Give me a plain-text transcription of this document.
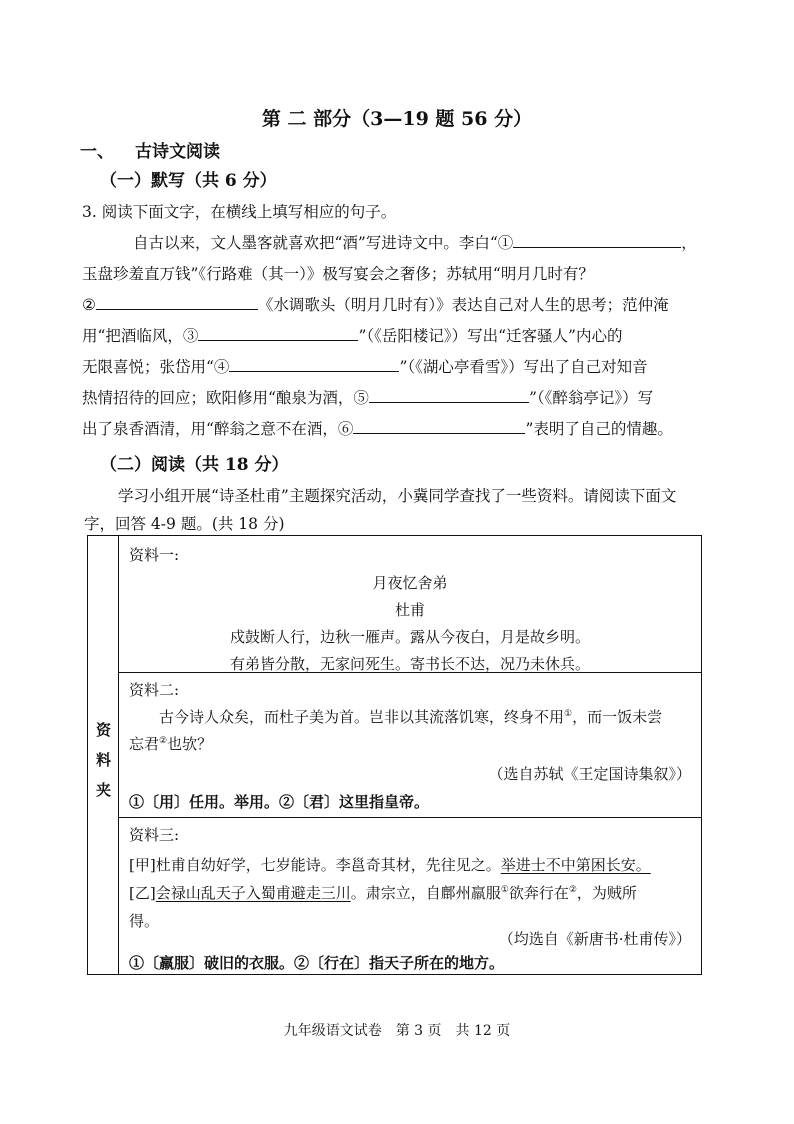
第 二 部分（3—19 题 56 分）
一、 古诗文阅读
（一）默写（共 6 分）
3. 阅读下面文字，在横线上填写相应的句子。
自古以来，文人墨客就喜欢把“酒”写进诗文中。李白“①	，
玉盘珍羞直万钱”《行路难（其一）》极写宴会之奢侈；苏轼用“明月几时有？
②	《水调歌头（明月几时有）》表达自己对人生的思考；范仲淹
用“把酒临风，③	”（《岳阳楼记》）写出“迁客骚人”内心的
无限喜悦；张岱用“④	”（《湖心亭看雪》）写出了自己对知音
热情招待的回应；欧阳修用“酿泉为酒，⑤	”（《醉翁亭记》）写
出了泉香酒清，用“醉翁之意不在酒，⑥	”表明了自己的情趣。
（二）阅读（共 18 分）
学习小组开展“诗圣杜甫”主题探究活动，小冀同学查找了一些资料。请阅读下面文
字，回答 4-9 题。(共 18 分)
资
料
夹
资料一:
月夜忆舍弟
杜甫
戍鼓断人行，边秋一雁声。露从今夜白，月是故乡明。
有弟皆分散，无家问死生。寄书长不达，况乃未休兵。
资料二:
古今诗人众矣，而杜子美为首。岂非以其流落饥寒，终身不用①，而一饭未尝
忘君②也欤？
（选自苏轼《王定国诗集叙》）
①〔用〕任用。举用。②〔君〕这里指皇帝。
资料三:
[甲]杜甫自幼好学，七岁能诗。李邕奇其材，先往见之。举进士不中第困长安。
[乙]会禄山乱天子入蜀甫避走三川。肃宗立，自鄜州羸服①欲奔行在②，为贼所
得。
（均选自《新唐书·杜甫传》）
①〔羸服〕破旧的衣服。②〔行在〕指天子所在的地方。
九年级语文试卷　第 3 页　共 12 页
